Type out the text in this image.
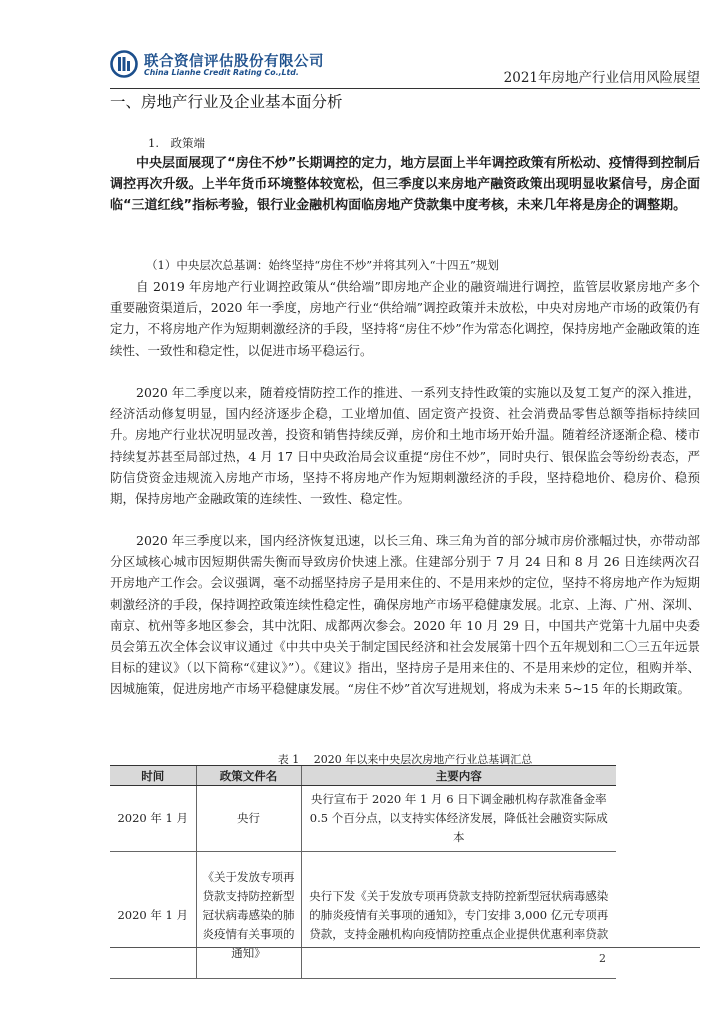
联合资信评估股份有限公司
China Lianhe Credit Rating Co.,Ltd.	2021年房地产行业信用风险展望
一、房地产行业及企业基本面分析
1.　政策端

中央层面展现了“房住不炒”长期调控的定力，地方层面上半年调控政策有所松动、疫情得到控制后调控再次升级。上半年货币环境整体较宽松，但三季度以来房地产融资政策出现明显收紧信号，房企面临“三道红线”指标考验，银行业金融机构面临房地产贷款集中度考核，未来几年将是房企的调整期。

（1）中央层次总基调：始终坚持“房住不炒”并将其列入“十四五”规划

自 2019 年房地产行业调控政策从“供给端”即房地产企业的融资端进行调控，监管层收紧房地产多个重要融资渠道后，2020 年一季度，房地产行业“供给端”调控政策并未放松，中央对房地产市场的政策仍有定力，不将房地产作为短期刺激经济的手段，坚持将“房住不炒”作为常态化调控，保持房地产金融政策的连续性、一致性和稳定性，以促进市场平稳运行。

2020 年二季度以来，随着疫情防控工作的推进、一系列支持性政策的实施以及复工复产的深入推进，经济活动修复明显，国内经济逐步企稳，工业增加值、固定资产投资、社会消费品零售总额等指标持续回升。房地产行业状况明显改善，投资和销售持续反弹，房价和土地市场开始升温。随着经济逐渐企稳、楼市持续复苏甚至局部过热，4 月 17 日中央政治局会议重提“房住不炒”，同时央行、银保监会等纷纷表态，严防信贷资金违规流入房地产市场，坚持不将房地产作为短期刺激经济的手段，坚持稳地价、稳房价、稳预期，保持房地产金融政策的连续性、一致性、稳定性。

2020 年三季度以来，国内经济恢复迅速，以长三角、珠三角为首的部分城市房价涨幅过快，亦带动部分区域核心城市因短期供需失衡而导致房价快速上涨。住建部分别于 7 月 24 日和 8 月 26 日连续两次召开房地产工作会。会议强调，毫不动摇坚持房子是用来住的、不是用来炒的定位，坚持不将房地产作为短期刺激经济的手段，保持调控政策连续性稳定性，确保房地产市场平稳健康发展。北京、上海、广州、深圳、南京、杭州等多地区参会，其中沈阳、成都两次参会。2020 年 10 月 29 日，中国共产党第十九届中央委员会第五次全体会议审议通过《中共中央关于制定国民经济和社会发展第十四个五年规划和二〇三五年远景目标的建议》（以下简称“《建议》”）。《建议》指出，坚持房子是用来住的、不是用来炒的定位，租购并举、因城施策，促进房地产市场平稳健康发展。“房住不炒”首次写进规划，将成为未来 5~15 年的长期政策。

表 1　 2020 年以来中央层次房地产行业总基调汇总
时间	政策文件名	主要内容
2020 年 1 月	央行	央行宣布于 2020 年 1 月 6 日下调金融机构存款准备金率 0.5 个百分点，以支持实体经济发展，降低社会融资实际成本
2020 年 1 月	《关于发放专项再贷款支持防控新型冠状病毒感染的肺炎疫情有关事项的通知》	央行下发《关于发放专项再贷款支持防控新型冠状病毒感染的肺炎疫情有关事项的通知》，专门安排 3,000 亿元专项再贷款，支持金融机构向疫情防控重点企业提供优惠利率贷款
2
